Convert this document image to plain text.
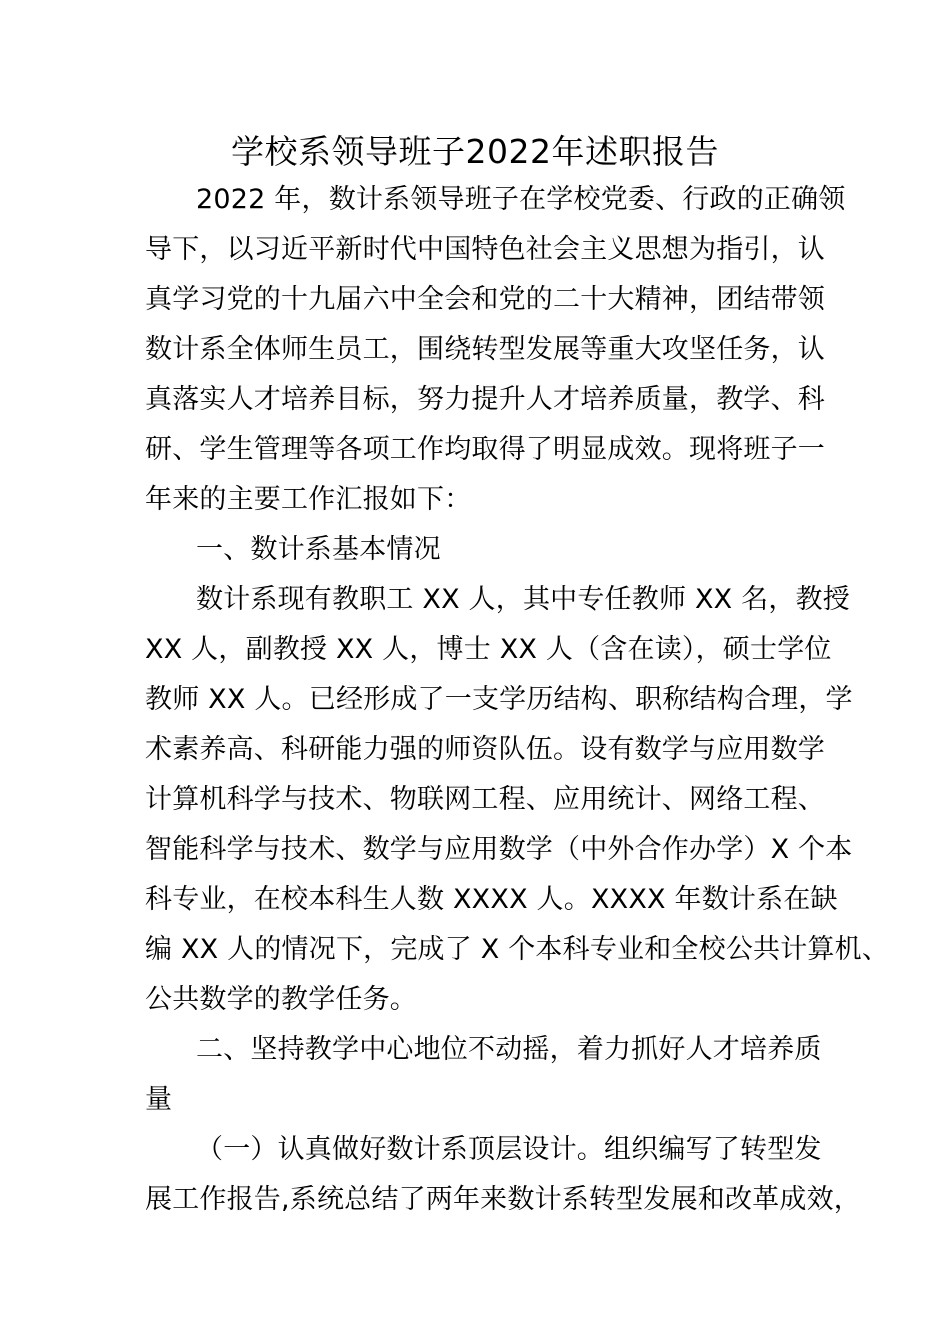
学校系领导班子2022年述职报告
2022 年，数计系领导班子在学校党委、行政的正确领
导下，以习近平新时代中国特色社会主义思想为指引，认
真学习党的十九届六中全会和党的二十大精神，团结带领
数计系全体师生员工，围绕转型发展等重大攻坚任务，认
真落实人才培养目标，努力提升人才培养质量，教学、科
研、学生管理等各项工作均取得了明显成效。现将班子一
年来的主要工作汇报如下：
一、数计系基本情况
数计系现有教职工 XX 人，其中专任教师 XX 名，教授
XX 人，副教授 XX 人，博士 XX 人（含在读），硕士学位
教师 XX 人。已经形成了一支学历结构、职称结构合理，学
术素养高、科研能力强的师资队伍。设有数学与应用数学
计算机科学与技术、物联网工程、应用统计、网络工程、
智能科学与技术、数学与应用数学（中外合作办学）X 个本
科专业，在校本科生人数 XXXX 人。XXXX 年数计系在缺
编 XX 人的情况下，完成了 X 个本科专业和全校公共计算机、
公共数学的教学任务。
二、坚持教学中心地位不动摇，着力抓好人才培养质
量
（一）认真做好数计系顶层设计。组织编写了转型发
展工作报告,系统总结了两年来数计系转型发展和改革成效，
